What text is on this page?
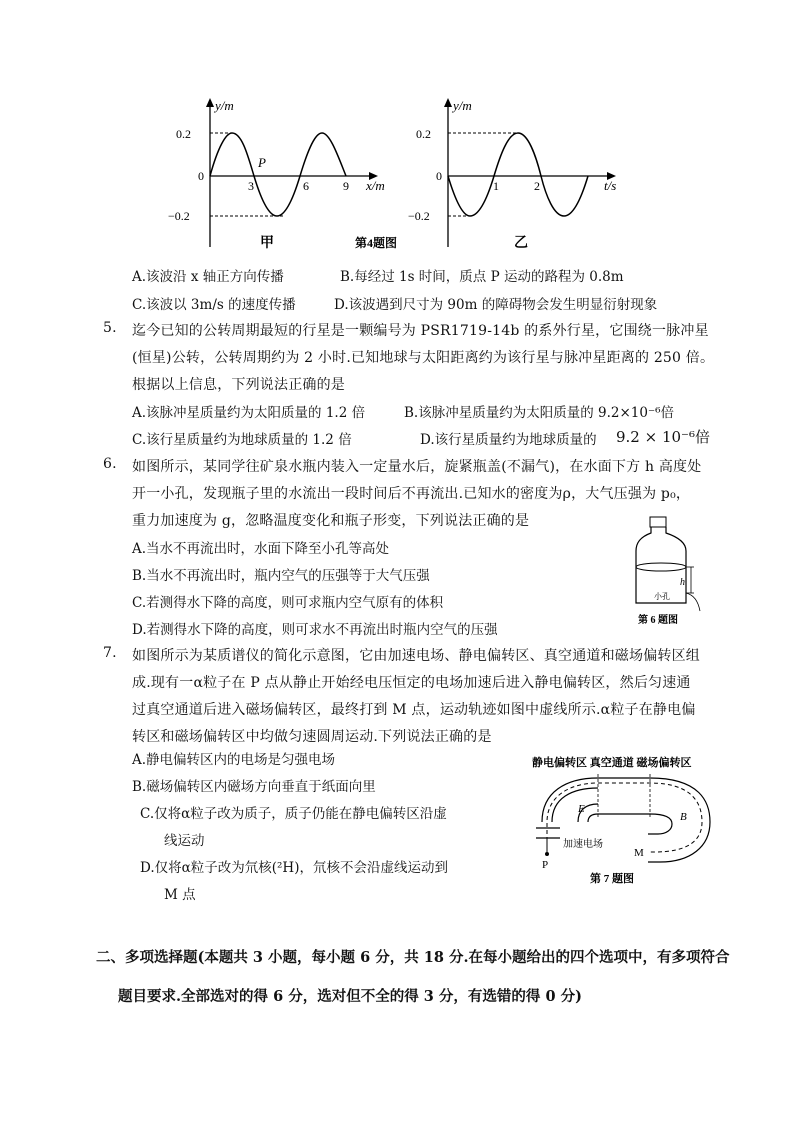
y/m
x/m
0.2
−0.2
0
3	6	9
P
甲	第4题图
y/m
t/s
0.2
−0.2
0
1	2
乙
A.该波沿 x 轴正方向传播	B.每经过 1s 时间，质点 P 运动的路程为 0.8m
C.该波以 3m/s 的速度传播	D.该波遇到尺寸为 90m 的障碍物会发生明显衍射现象
5. 迄今已知的公转周期最短的行星是一颗编号为 PSR1719-14b 的系外行星，它围绕一脉冲星
(恒星)公转，公转周期约为 2 小时.已知地球与太阳距离约为该行星与脉冲星距离的 250 倍。
根据以上信息，下列说法正确的是
A.该脉冲星质量约为太阳质量的 1.2 倍	B.该脉冲星质量约为太阳质量的 9.2×10⁻⁶倍
C.该行星质量约为地球质量的 1.2 倍	D.该行星质量约为地球质量的 9.2 × 10⁻⁶倍
6. 如图所示，某同学往矿泉水瓶内装入一定量水后，旋紧瓶盖(不漏气)，在水面下方 h 高度处
开一小孔，发现瓶子里的水流出一段时间后不再流出.已知水的密度为ρ，大气压强为 p₀，
重力加速度为 g，忽略温度变化和瓶子形变，下列说法正确的是
A.当水不再流出时，水面下降至小孔等高处
B.当水不再流出时，瓶内空气的压强等于大气压强
C.若测得水下降的高度，则可求瓶内空气原有的体积
D.若测得水下降的高度，则可求水不再流出时瓶内空气的压强
h
小孔
第 6 题图
7. 如图所示为某质谱仪的简化示意图，它由加速电场、静电偏转区、真空通道和磁场偏转区组
成.现有一α粒子在 P 点从静止开始经电压恒定的电场加速后进入静电偏转区，然后匀速通
过真空通道后进入磁场偏转区，最终打到 M 点，运动轨迹如图中虚线所示.α粒子在静电偏
转区和磁场偏转区中均做匀速圆周运动.下列说法正确的是
A.静电偏转区内的电场是匀强电场
B.磁场偏转区内磁场方向垂直于纸面向里
C.仅将α粒子改为质子，质子仍能在静电偏转区沿虚
线运动
D.仅将α粒子改为氘核(²H)，氘核不会沿虚线运动到
M 点
静电偏转区 真空通道 磁场偏转区
E
B
加速电场
P
M
第 7 题图
二、多项选择题(本题共 3 小题，每小题 6 分，共 18 分.在每小题给出的四个选项中，有多项符合
题目要求.全部选对的得 6 分，选对但不全的得 3 分，有选错的得 0 分)
